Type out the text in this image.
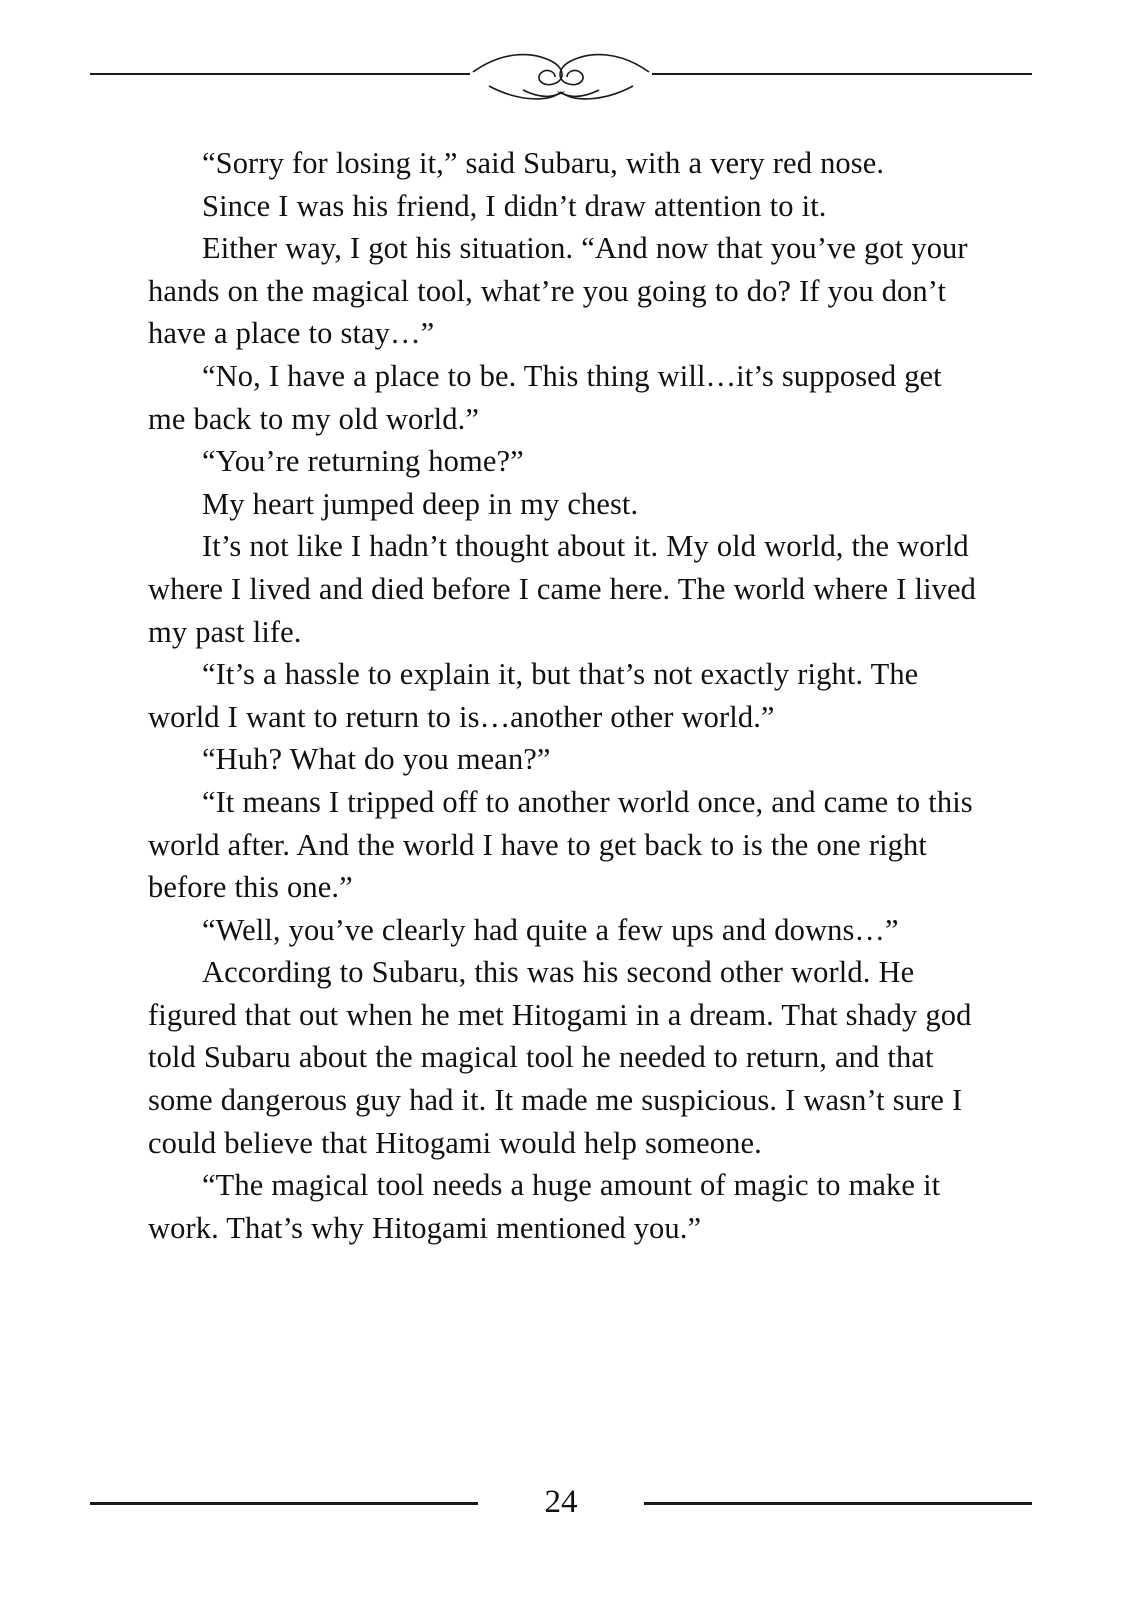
“Sorry for losing it,” said Subaru, with a very red nose.

Since I was his friend, I didn’t draw attention to it.

Either way, I got his situation. “And now that you’ve got your hands on the magical tool, what’re you going to do? If you don’t have a place to stay…”

“No, I have a place to be. This thing will…it’s supposed get me back to my old world.”

“You’re returning home?”

My heart jumped deep in my chest.

It’s not like I hadn’t thought about it. My old world, the world where I lived and died before I came here. The world where I lived my past life.

“It’s a hassle to explain it, but that’s not exactly right. The world I want to return to is…another other world.”

“Huh? What do you mean?”

“It means I tripped off to another world once, and came to this world after. And the world I have to get back to is the one right before this one.”

“Well, you’ve clearly had quite a few ups and downs…”

According to Subaru, this was his second other world. He figured that out when he met Hitogami in a dream. That shady god told Subaru about the magical tool he needed to return, and that some dangerous guy had it. It made me suspicious. I wasn’t sure I could believe that Hitogami would help someone.

“The magical tool needs a huge amount of magic to make it work. That’s why Hitogami mentioned you.”

24
